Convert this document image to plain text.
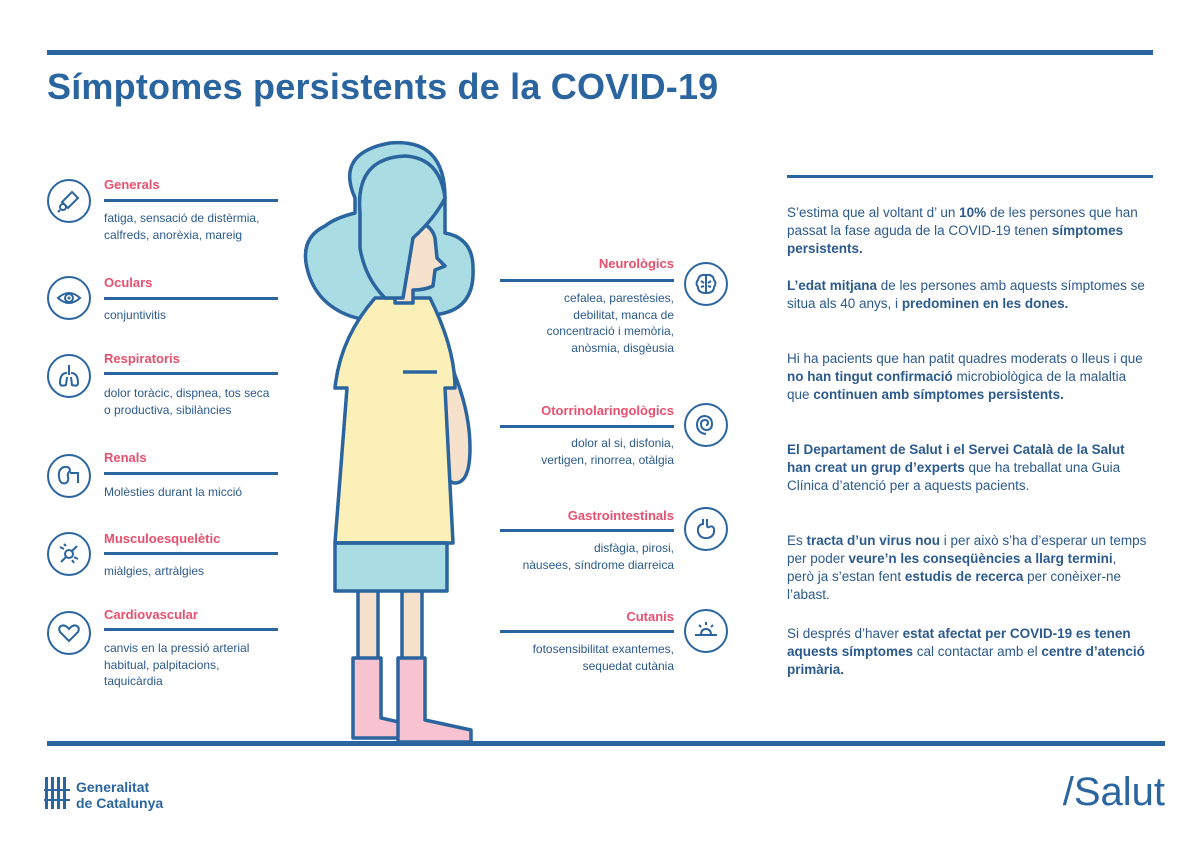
Símptomes persistents de la COVID-19
Generals
fatiga, sensació de distèrmia,
calfreds, anorèxia, mareig
Oculars
conjuntivitis
Respiratoris
dolor toràcic, dispnea, tos seca
o productiva, sibilàncies
Renals
Molèsties durant la micció
Musculoesquelètic
miàlgies, artràlgies
Cardiovascular
canvis en la pressió arterial
habitual, palpitacions,
taquicàrdia
Neurològics
cefalea, parestèsies,
debilitat, manca de
concentració i memòria,
anòsmia, disgèusia
Otorrinolaringològics
dolor al si, disfonia,
vertigen, rinorrea, otàlgia
Gastrointestinals
disfàgia, pirosi,
nàusees, síndrome diarreica
Cutanis
fotosensibilitat exantemes,
sequedat cutània
S’estima que al voltant d’ un 10% de les persones que han passat la fase aguda de la COVID-19 tenen símptomes persistents.
L’edat mitjana de les persones amb aquests símptomes se situa als 40 anys, i predominen en les dones.
Hi ha pacients que han patit quadres moderats o lleus i que no han tingut confirmació microbiològica de la malaltia que continuen amb símptomes persistents.
El Departament de Salut i el Servei Català de la Salut han creat un grup d’experts que ha treballat una Guia Clínica d’atenció per a aquests pacients.
Es tracta d’un virus nou i per això s’ha d’esperar un temps per poder veure’n les conseqüències a llarg termini, però ja s’estan fent estudis de recerca per conèixer-ne l’abast.
Si després d’haver estat afectat per COVID-19 es tenen aquests símptomes cal contactar amb el centre d’atenció primària.
Generalitat
de Catalunya	/Salut
